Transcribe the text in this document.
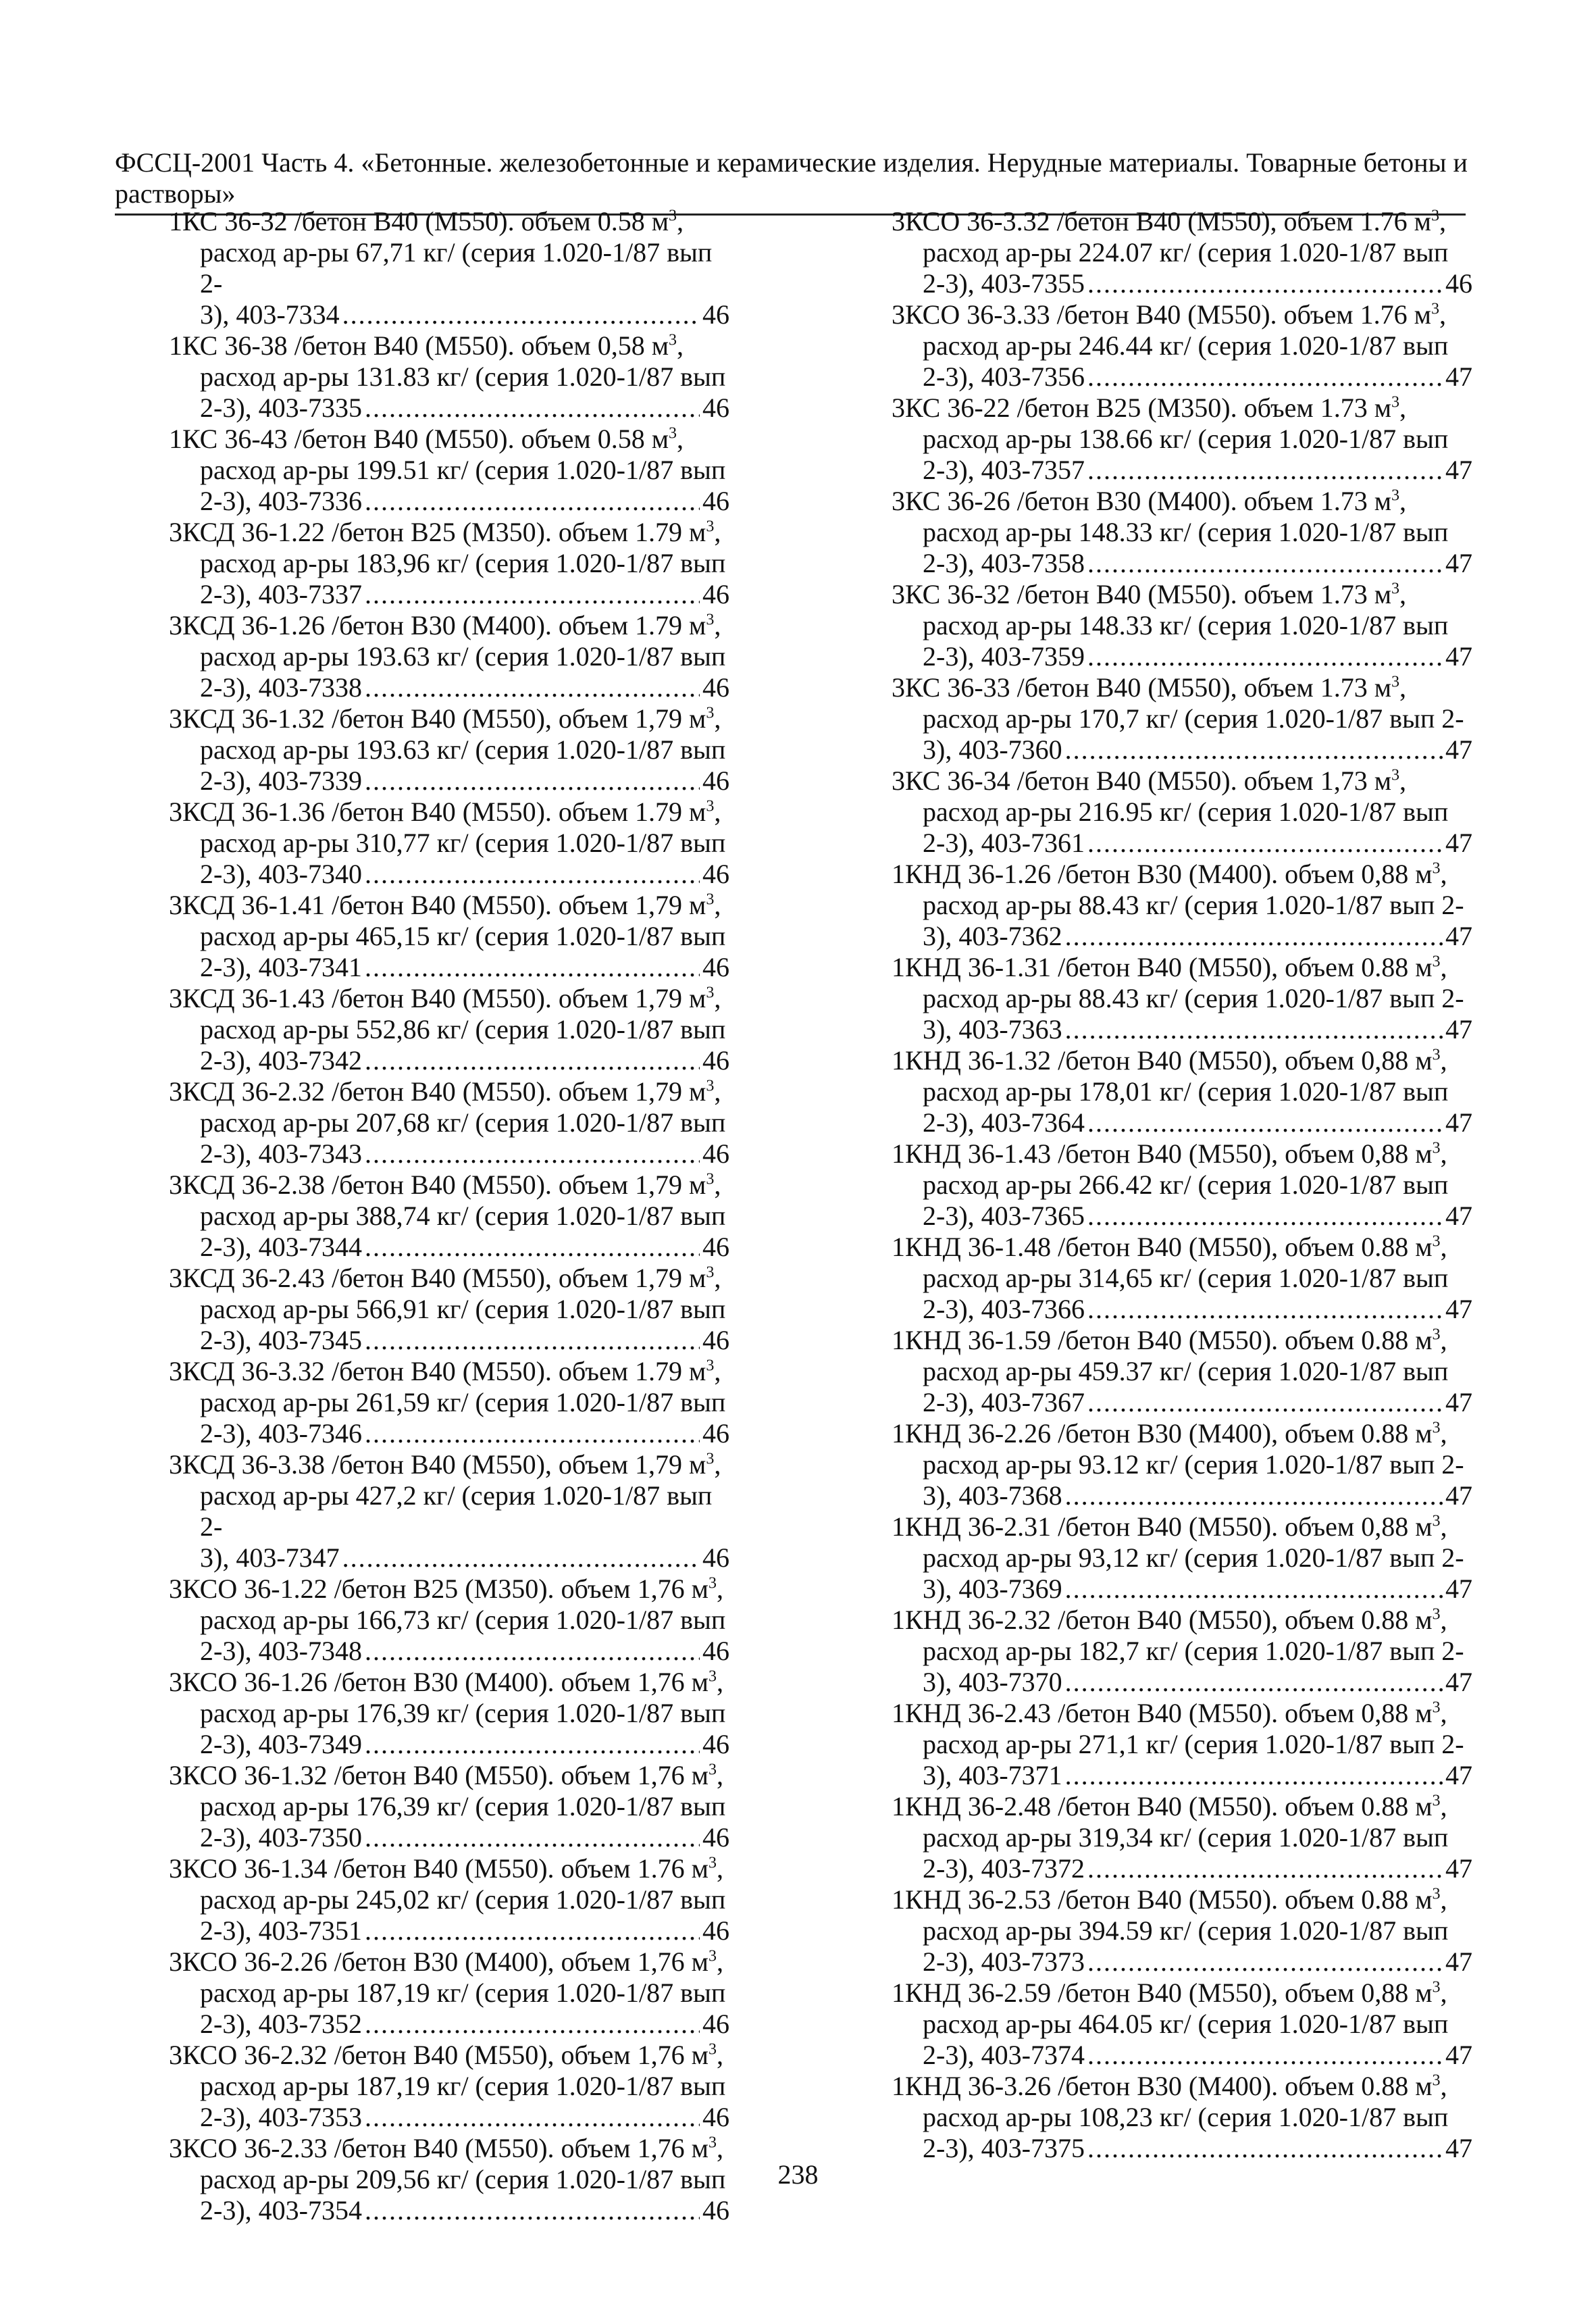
ФССЦ-2001 Часть 4. «Бетонные. железобетонные и керамические изделия. Нерудные материалы. Товарные бетоны и растворы»
1КС 36-32 /бетон В40 (М550). объем 0.58 $м^3$,
расход ар-ры 67,71 кг/ (серия 1.020-1/87 вып 2-
3), 403-7334 .....	46
1КС 36-38 /бетон В40 (М550). объем 0,58 $м^3$,
расход ар-ры 131.83 кг/ (серия 1.020-1/87 вып
2-3), 403-7335 .....	46
1КС 36-43 /бетон В40 (М550). объем 0.58 $м^3$,
расход ар-ры 199.51 кг/ (серия 1.020-1/87 вып
2-3), 403-7336 .....	46
3КСД 36-1.22 /бетон В25 (М350). объем 1.79 $м^3$,
расход ар-ры 183,96 кг/ (серия 1.020-1/87 вып
2-3), 403-7337 .....	46
3КСД 36-1.26 /бетон В30 (М400). объем 1.79 $м^3$,
расход ар-ры 193.63 кг/ (серия 1.020-1/87 вып
2-3), 403-7338 .....	46
3КСД 36-1.32 /бетон В40 (М550), объем 1,79 $м^3$,
расход ар-ры 193.63 кг/ (серия 1.020-1/87 вып
2-3), 403-7339 .....	46
3КСД 36-1.36 /бетон В40 (М550). объем 1.79 $м^3$,
расход ар-ры 310,77 кг/ (серия 1.020-1/87 вып
2-3), 403-7340 .....	46
3КСД 36-1.41 /бетон В40 (М550). объем 1,79 $м^3$,
расход ар-ры 465,15 кг/ (серия 1.020-1/87 вып
2-3), 403-7341 .....	46
3КСД 36-1.43 /бетон В40 (М550). объем 1,79 $м^3$,
расход ар-ры 552,86 кг/ (серия 1.020-1/87 вып
2-3), 403-7342 .....	46
3КСД 36-2.32 /бетон В40 (М550). объем 1,79 $м^3$,
расход ар-ры 207,68 кг/ (серия 1.020-1/87 вып
2-3), 403-7343 .....	46
3КСД 36-2.38 /бетон В40 (М550). объем 1,79 $м^3$,
расход ар-ры 388,74 кг/ (серия 1.020-1/87 вып
2-3), 403-7344 .....	46
3КСД 36-2.43 /бетон В40 (М550), объем 1,79 $м^3$,
расход ар-ры 566,91 кг/ (серия 1.020-1/87 вып
2-3), 403-7345 .....	46
3КСД 36-3.32 /бетон В40 (М550). объем 1.79 $м^3$,
расход ар-ры 261,59 кг/ (серия 1.020-1/87 вып
2-3), 403-7346 .....	46
3КСД 36-3.38 /бетон В40 (М550), объем 1,79 $м^3$,
расход ар-ры 427,2 кг/ (серия 1.020-1/87 вып 2-
3), 403-7347 .....	46
3КСО 36-1.22 /бетон В25 (М350). объем 1,76 $м^3$,
расход ар-ры 166,73 кг/ (серия 1.020-1/87 вып
2-3), 403-7348 .....	46
3КСО 36-1.26 /бетон В30 (М400). объем 1,76 $м^3$,
расход ар-ры 176,39 кг/ (серия 1.020-1/87 вып
2-3), 403-7349 .....	46
3КСО 36-1.32 /бетон В40 (М550). объем 1,76 $м^3$,
расход ар-ры 176,39 кг/ (серия 1.020-1/87 вып
2-3), 403-7350 .....	46
3КСО 36-1.34 /бетон В40 (М550). объем 1.76 $м^3$,
расход ар-ры 245,02 кг/ (серия 1.020-1/87 вып
2-3), 403-7351 .....	46
3КСО 36-2.26 /бетон В30 (М400), объем 1,76 $м^3$,
расход ар-ры 187,19 кг/ (серия 1.020-1/87 вып
2-3), 403-7352 .....	46
3КСО 36-2.32 /бетон В40 (М550), объем 1,76 $м^3$,
расход ар-ры 187,19 кг/ (серия 1.020-1/87 вып
2-3), 403-7353 .....	46
3КСО 36-2.33 /бетон В40 (М550). объем 1,76 $м^3$,
расход ар-ры 209,56 кг/ (серия 1.020-1/87 вып
2-3), 403-7354 .....	46
3КСО 36-3.32 /бетон В40 (М550), объем 1.76 $м^3$,
расход ар-ры 224.07 кг/ (серия 1.020-1/87 вып
2-3), 403-7355 .....	46
3КСО 36-3.33 /бетон В40 (М550). объем 1.76 $м^3$,
расход ар-ры 246.44 кг/ (серия 1.020-1/87 вып
2-3), 403-7356 .....	47
3КС 36-22 /бетон В25 (М350). объем 1.73 $м^3$,
расход ар-ры 138.66 кг/ (серия 1.020-1/87 вып
2-3), 403-7357 .....	47
3КС 36-26 /бетон В30 (М400). объем 1.73 $м^3$,
расход ар-ры 148.33 кг/ (серия 1.020-1/87 вып
2-3), 403-7358 .....	47
3КС 36-32 /бетон В40 (М550). объем 1.73 $м^3$,
расход ар-ры 148.33 кг/ (серия 1.020-1/87 вып
2-3), 403-7359 .....	47
3КС 36-33 /бетон В40 (М550), объем 1.73 $м^3$,
расход ар-ры 170,7 кг/ (серия 1.020-1/87 вып 2-
3), 403-7360 .....	47
3КС 36-34 /бетон В40 (М550). объем 1,73 $м^3$,
расход ар-ры 216.95 кг/ (серия 1.020-1/87 вып
2-3), 403-7361 .....	47
1КНД 36-1.26 /бетон В30 (М400). объем 0,88 $м^3$,
расход ар-ры 88.43 кг/ (серия 1.020-1/87 вып 2-
3), 403-7362 .....	47
1КНД 36-1.31 /бетон В40 (М550), объем 0.88 $м^3$,
расход ар-ры 88.43 кг/ (серия 1.020-1/87 вып 2-
3), 403-7363 .....	47
1КНД 36-1.32 /бетон В40 (М550), объем 0,88 $м^3$,
расход ар-ры 178,01 кг/ (серия 1.020-1/87 вып
2-3), 403-7364 .....	47
1КНД 36-1.43 /бетон В40 (М550), объем 0,88 $м^3$,
расход ар-ры 266.42 кг/ (серия 1.020-1/87 вып
2-3), 403-7365 .....	47
1КНД 36-1.48 /бетон В40 (М550), объем 0.88 $м^3$,
расход ар-ры 314,65 кг/ (серия 1.020-1/87 вып
2-3), 403-7366 .....	47
1КНД 36-1.59 /бетон В40 (М550). объем 0.88 $м^3$,
расход ар-ры 459.37 кг/ (серия 1.020-1/87 вып
2-3), 403-7367 .....	47
1КНД 36-2.26 /бетон В30 (М400), объем 0.88 $м^3$,
расход ар-ры 93.12 кг/ (серия 1.020-1/87 вып 2-
3), 403-7368 .....	47
1КНД 36-2.31 /бетон В40 (М550). объем 0,88 $м^3$,
расход ар-ры 93,12 кг/ (серия 1.020-1/87 вып 2-
3), 403-7369 .....	47
1КНД 36-2.32 /бетон В40 (М550), объем 0.88 $м^3$,
расход ар-ры 182,7 кг/ (серия 1.020-1/87 вып 2-
3), 403-7370 .....	47
1КНД 36-2.43 /бетон В40 (М550). объем 0,88 $м^3$,
расход ар-ры 271,1 кг/ (серия 1.020-1/87 вып 2-
3), 403-7371 .....	47
1КНД 36-2.48 /бетон В40 (М550). объем 0.88 $м^3$,
расход ар-ры 319,34 кг/ (серия 1.020-1/87 вып
2-3), 403-7372 .....	47
1КНД 36-2.53 /бетон В40 (М550). объем 0.88 $м^3$,
расход ар-ры 394.59 кг/ (серия 1.020-1/87 вып
2-3), 403-7373 .....	47
1КНД 36-2.59 /бетон В40 (М550), объем 0,88 $м^3$,
расход ар-ры 464.05 кг/ (серия 1.020-1/87 вып
2-3), 403-7374 .....	47
1КНД 36-3.26 /бетон В30 (М400). объем 0.88 $м^3$,
расход ар-ры 108,23 кг/ (серия 1.020-1/87 вып
2-3), 403-7375 .....	47
238
